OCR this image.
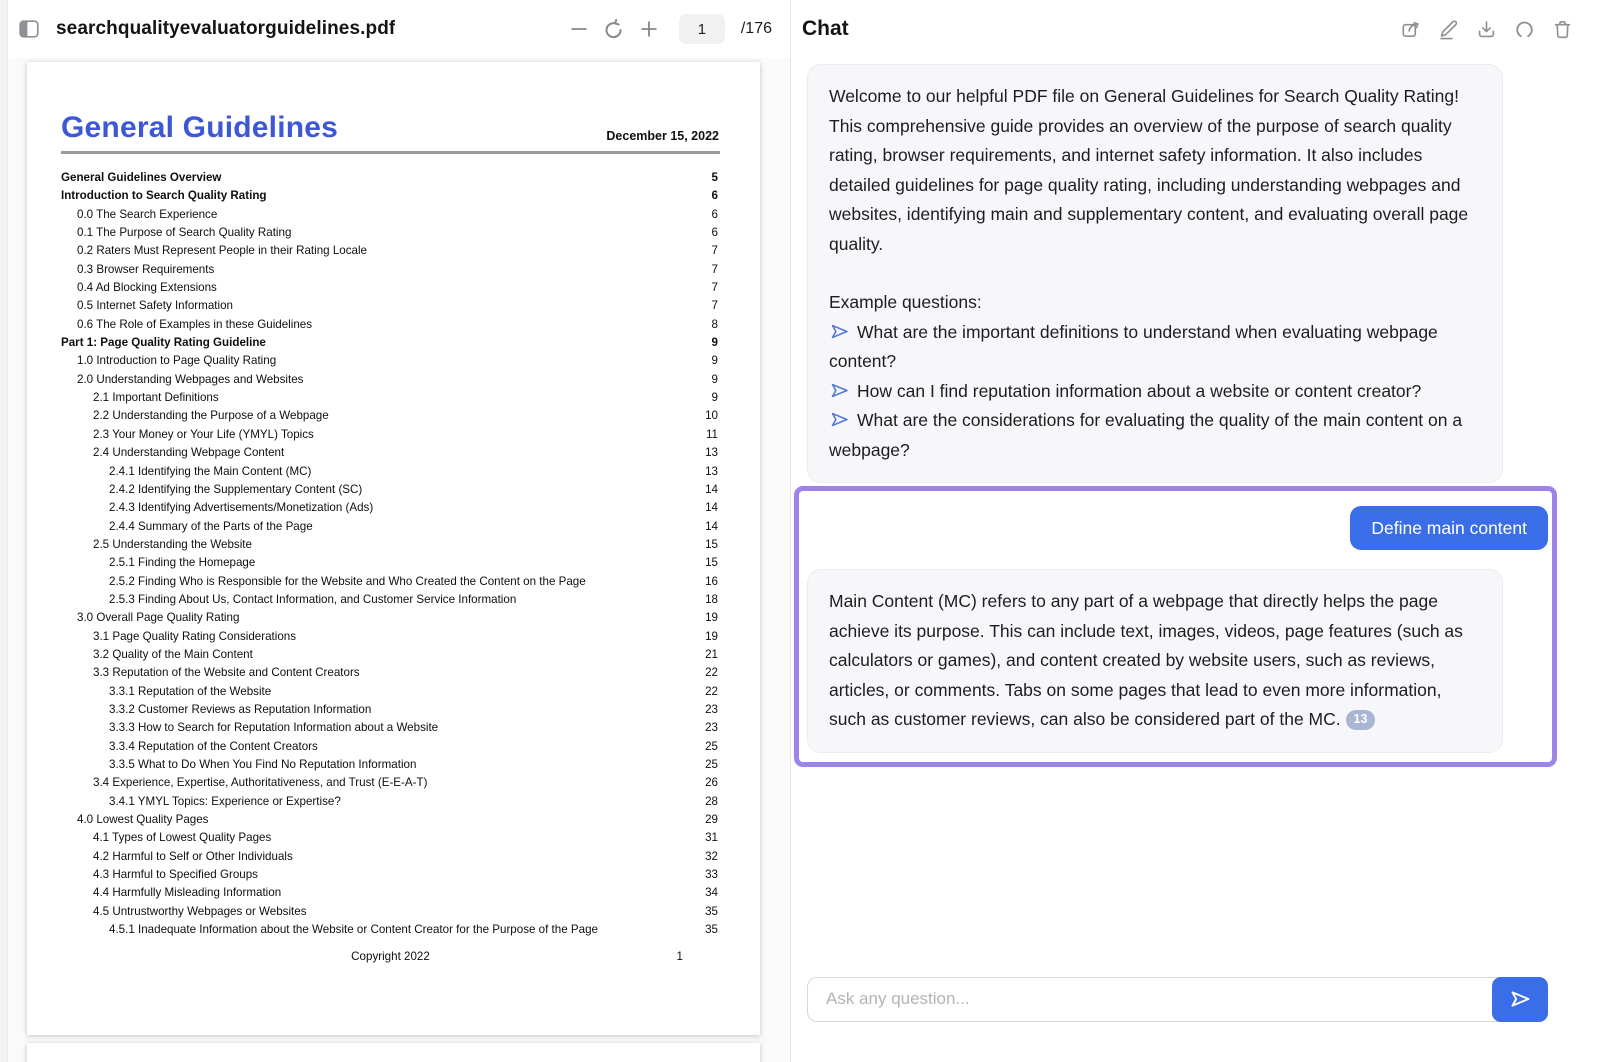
searchqualityevaluatorguidelines.pdf
1	/176
General Guidelines	December 15, 2022
General Guidelines Overview	5
Introduction to Search Quality Rating	6
0.0 The Search Experience	6
0.1 The Purpose of Search Quality Rating	6
0.2 Raters Must Represent People in their Rating Locale	7
0.3 Browser Requirements	7
0.4 Ad Blocking Extensions	7
0.5 Internet Safety Information	7
0.6 The Role of Examples in these Guidelines	8
Part 1: Page Quality Rating Guideline	9
1.0 Introduction to Page Quality Rating	9
2.0 Understanding Webpages and Websites	9
2.1 Important Definitions	9
2.2 Understanding the Purpose of a Webpage	10
2.3 Your Money or Your Life (YMYL) Topics	11
2.4 Understanding Webpage Content	13
2.4.1 Identifying the Main Content (MC)	13
2.4.2 Identifying the Supplementary Content (SC)	14
2.4.3 Identifying Advertisements/Monetization (Ads)	14
2.4.4 Summary of the Parts of the Page	14
2.5 Understanding the Website	15
2.5.1 Finding the Homepage	15
2.5.2 Finding Who is Responsible for the Website and Who Created the Content on the Page	16
2.5.3 Finding About Us, Contact Information, and Customer Service Information	18
3.0 Overall Page Quality Rating	19
3.1 Page Quality Rating Considerations	19
3.2 Quality of the Main Content	21
3.3 Reputation of the Website and Content Creators	22
3.3.1 Reputation of the Website	22
3.3.2 Customer Reviews as Reputation Information	23
3.3.3 How to Search for Reputation Information about a Website	23
3.3.4 Reputation of the Content Creators	25
3.3.5 What to Do When You Find No Reputation Information	25
3.4 Experience, Expertise, Authoritativeness, and Trust (E-E-A-T)	26
3.4.1 YMYL Topics: Experience or Expertise?	28
4.0 Lowest Quality Pages	29
4.1 Types of Lowest Quality Pages	31
4.2 Harmful to Self or Other Individuals	32
4.3 Harmful to Specified Groups	33
4.4 Harmfully Misleading Information	34
4.5 Untrustworthy Webpages or Websites	35
4.5.1 Inadequate Information about the Website or Content Creator for the Purpose of the Page	35
Copyright 2022	1
Chat
Welcome to our helpful PDF file on General Guidelines for Search Quality Rating! This comprehensive guide provides an overview of the purpose of search quality rating, browser requirements, and internet safety information. It also includes detailed guidelines for page quality rating, including understanding webpages and websites, identifying main and supplementary content, and evaluating overall page quality.
Example questions:
What are the important definitions to understand when evaluating webpage content?
How can I find reputation information about a website or content creator?
What are the considerations for evaluating the quality of the main content on a webpage?
Define main content
Main Content (MC) refers to any part of a webpage that directly helps the page achieve its purpose. This can include text, images, videos, page features (such as calculators or games), and content created by website users, such as reviews, articles, or comments. Tabs on some pages that lead to even more information, such as customer reviews, can also be considered part of the MC. 13
Ask any question...
